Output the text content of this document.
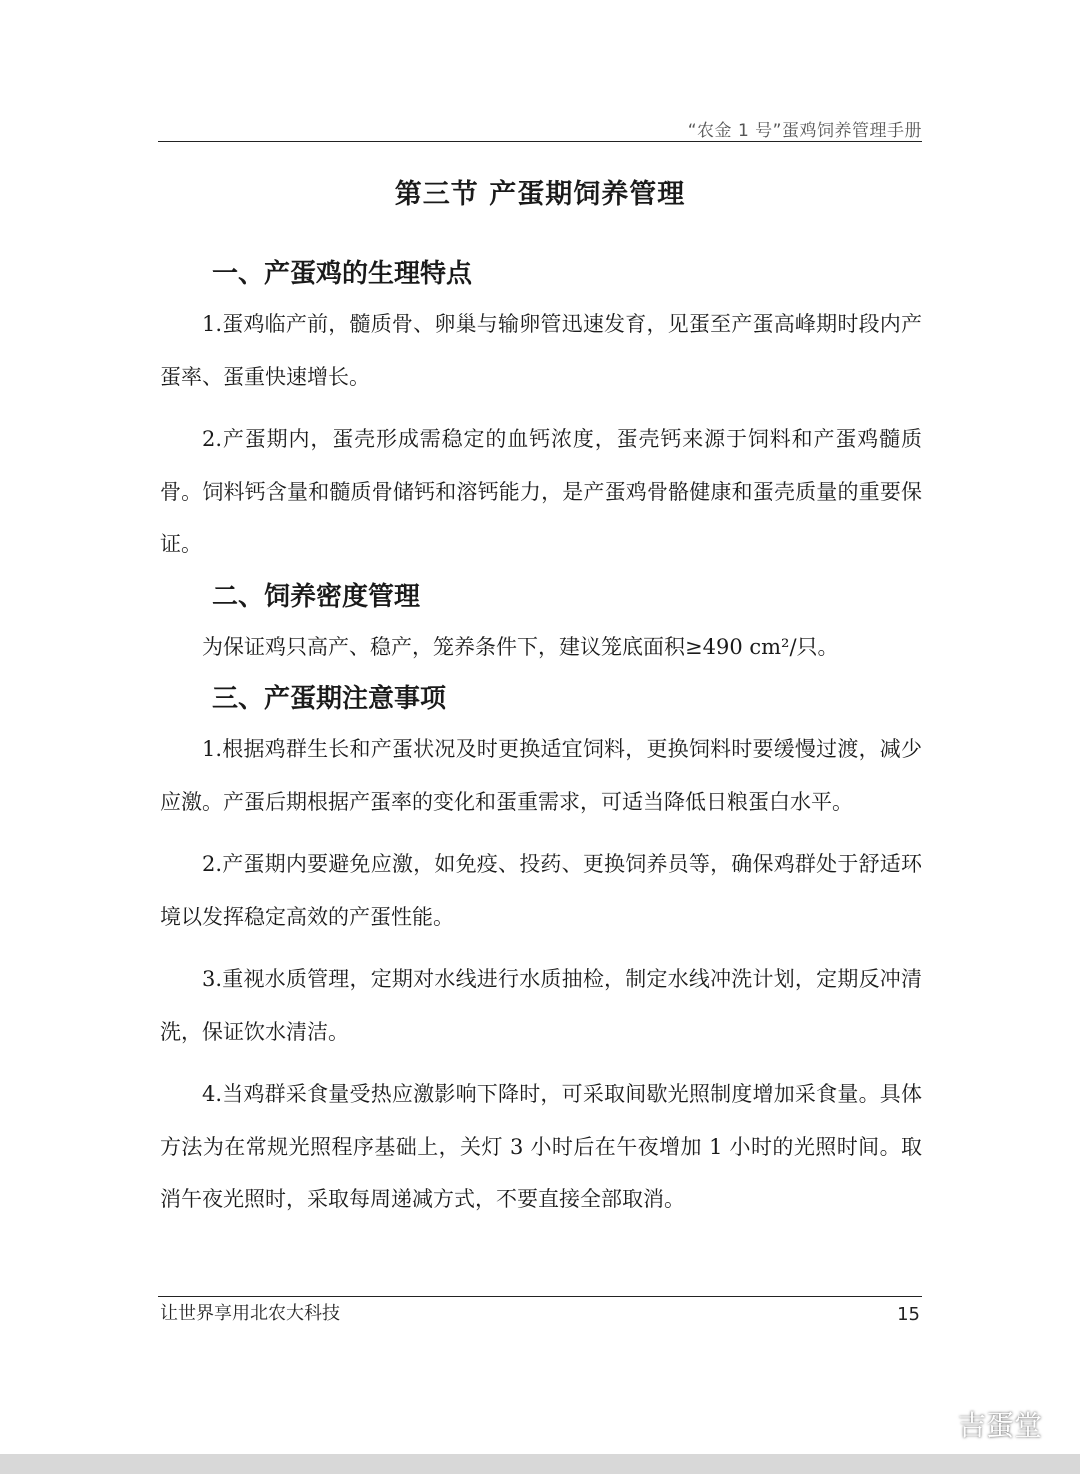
“农金 1 号”蛋鸡饲养管理手册
第三节 产蛋期饲养管理
一、产蛋鸡的生理特点

1.蛋鸡临产前，髓质骨、卵巢与输卵管迅速发育，见蛋至产蛋高峰期时段内产蛋率、蛋重快速增长。

2.产蛋期内，蛋壳形成需稳定的血钙浓度，蛋壳钙来源于饲料和产蛋鸡髓质骨。饲料钙含量和髓质骨储钙和溶钙能力，是产蛋鸡骨骼健康和蛋壳质量的重要保证。

二、饲养密度管理

为保证鸡只高产、稳产，笼养条件下，建议笼底面积≥490 cm²/只。

三、产蛋期注意事项

1.根据鸡群生长和产蛋状况及时更换适宜饲料，更换饲料时要缓慢过渡，减少应激。产蛋后期根据产蛋率的变化和蛋重需求，可适当降低日粮蛋白水平。

2.产蛋期内要避免应激，如免疫、投药、更换饲养员等，确保鸡群处于舒适环境以发挥稳定高效的产蛋性能。

3.重视水质管理，定期对水线进行水质抽检，制定水线冲洗计划，定期反冲清洗，保证饮水清洁。

4.当鸡群采食量受热应激影响下降时，可采取间歇光照制度增加采食量。具体方法为在常规光照程序基础上，关灯 3 小时后在午夜增加 1 小时的光照时间。取消午夜光照时，采取每周递减方式，不要直接全部取消。

让世界享用北农大科技	15
吉蛋堂
